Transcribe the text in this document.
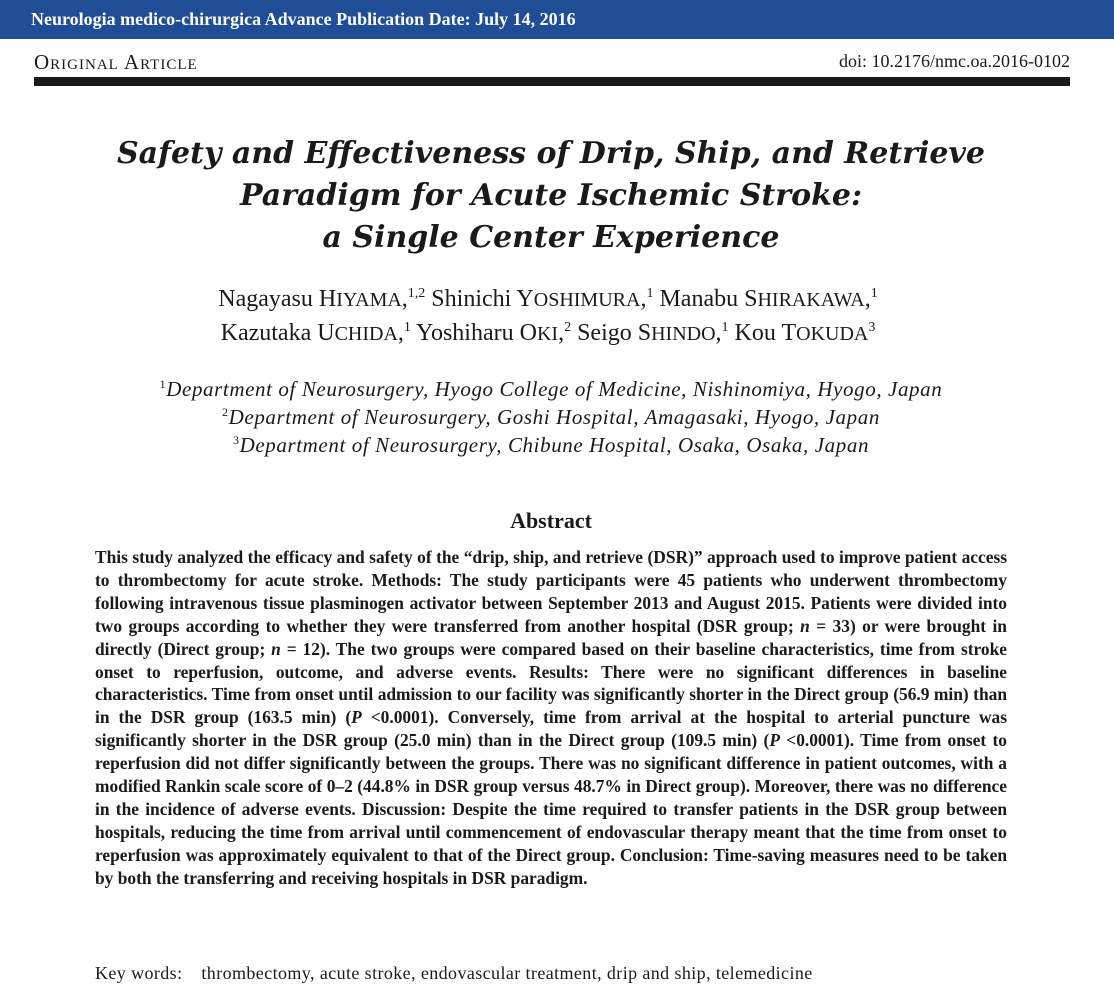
Neurologia medico-chirurgica Advance Publication Date: July 14, 2016
Original Article	doi: 10.2176/nmc.oa.2016-0102
Safety and Effectiveness of Drip, Ship, and Retrieve
Paradigm for Acute Ischemic Stroke:
a Single Center Experience
Nagayasu HIYAMA,$^{1,2}$ Shinichi YOSHIMURA,$^1$ Manabu SHIRAKAWA,$^1$
Kazutaka UCHIDA,$^1$ Yoshiharu OKI,$^2$ Seigo SHINDO,$^1$ Kou TOKUDA$^3$
$^1$Department of Neurosurgery, Hyogo College of Medicine, Nishinomiya, Hyogo, Japan
$^2$Department of Neurosurgery, Goshi Hospital, Amagasaki, Hyogo, Japan
$^3$Department of Neurosurgery, Chibune Hospital, Osaka, Osaka, Japan
Abstract
This study analyzed the efficacy and safety of the “drip, ship, and retrieve (DSR)” approach used to improve patient access to thrombectomy for acute stroke. Methods: The study participants were 45 patients who underwent thrombectomy following intravenous tissue plasminogen activator between September 2013 and August 2015. Patients were divided into two groups according to whether they were transferred from another hospital (DSR group; n = 33) or were brought in directly (Direct group; n = 12). The two groups were compared based on their baseline characteristics, time from stroke onset to reperfusion, outcome, and adverse events. Results: There were no significant differences in baseline characteristics. Time from onset until admission to our facility was significantly shorter in the Direct group (56.9 min) than in the DSR group (163.5 min) (P <0.0001). Conversely, time from arrival at the hospital to arterial puncture was significantly shorter in the DSR group (25.0 min) than in the Direct group (109.5 min) (P <0.0001). Time from onset to reperfusion did not differ significantly between the groups. There was no significant difference in patient outcomes, with a modified Rankin scale score of 0–2 (44.8% in DSR group versus 48.7% in Direct group). Moreover, there was no difference in the incidence of adverse events. Discussion: Despite the time required to transfer patients in the DSR group between hospitals, reducing the time from arrival until commencement of endovascular therapy meant that the time from onset to reperfusion was approximately equivalent to that of the Direct group. Conclusion: Time-saving measures need to be taken by both the transferring and receiving hospitals in DSR paradigm.
Key words: thrombectomy, acute stroke, endovascular treatment, drip and ship, telemedicine
